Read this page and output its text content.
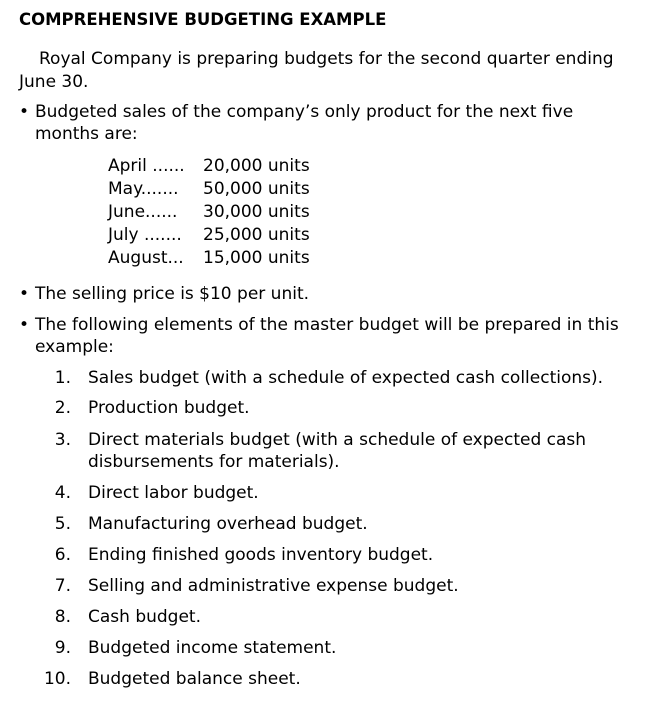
COMPREHENSIVE BUDGETING EXAMPLE
Royal Company is preparing budgets for the second quarter ending June 30.
• Budgeted sales of the company’s only product for the next five months are:
April ...... 20,000 units
May....... 50,000 units
June...... 30,000 units
July ....... 25,000 units
August... 15,000 units
• The selling price is $10 per unit.
• The following elements of the master budget will be prepared in this example:
1. Sales budget (with a schedule of expected cash collections).
2. Production budget.
3. Direct materials budget (with a schedule of expected cash disbursements for materials).
4. Direct labor budget.
5. Manufacturing overhead budget.
6. Ending finished goods inventory budget.
7. Selling and administrative expense budget.
8. Cash budget.
9. Budgeted income statement.
10. Budgeted balance sheet.
